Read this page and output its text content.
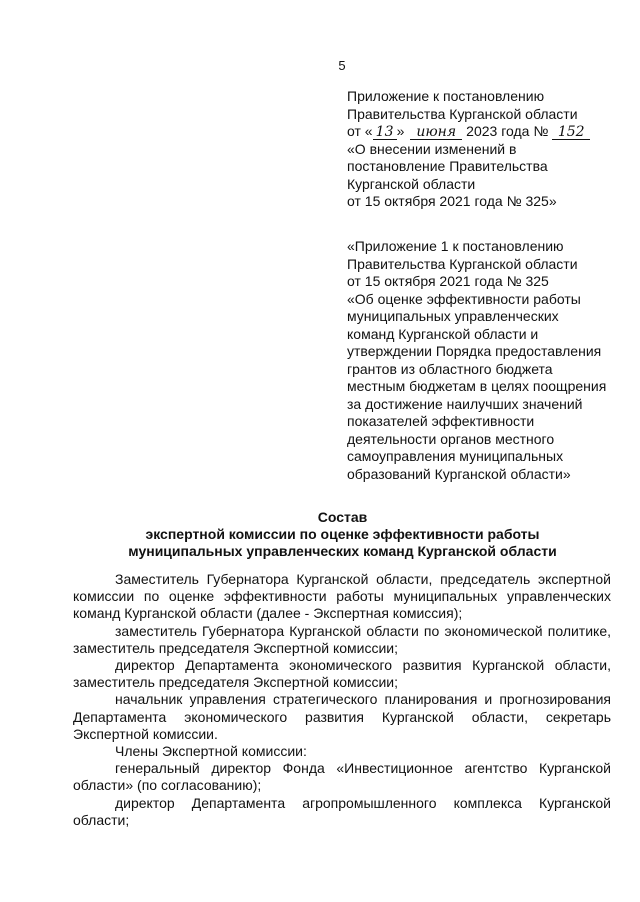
5
Приложение к постановлению
Правительства Курганской области
от « 13 » июня 2023 года № 152
«О внесении изменений в
постановление Правительства
Курганской области
от 15 октября 2021 года № 325»
«Приложение 1 к постановлению
Правительства Курганской области
от 15 октября 2021 года № 325
«Об оценке эффективности работы
муниципальных управленческих
команд Курганской области и
утверждении Порядка предоставления
грантов из областного бюджета
местным бюджетам в целях поощрения
за достижение наилучших значений
показателей эффективности
деятельности органов местного
самоуправления муниципальных
образований Курганской области»
Состав
экспертной комиссии по оценке эффективности работы
муниципальных управленческих команд Курганской области

Заместитель Губернатора Курганской области, председатель экспертной комиссии по оценке эффективности работы муниципальных управленческих команд Курганской области (далее - Экспертная комиссия);

заместитель Губернатора Курганской области по экономической политике, заместитель председателя Экспертной комиссии;

директор Департамента экономического развития Курганской области, заместитель председателя Экспертной комиссии;

начальник управления стратегического планирования и прогнозирования Департамента экономического развития Курганской области, секретарь Экспертной комиссии.

Члены Экспертной комиссии:

генеральный директор Фонда «Инвестиционное агентство Курганской области» (по согласованию);

директор Департамента агропромышленного комплекса Курганской области;
